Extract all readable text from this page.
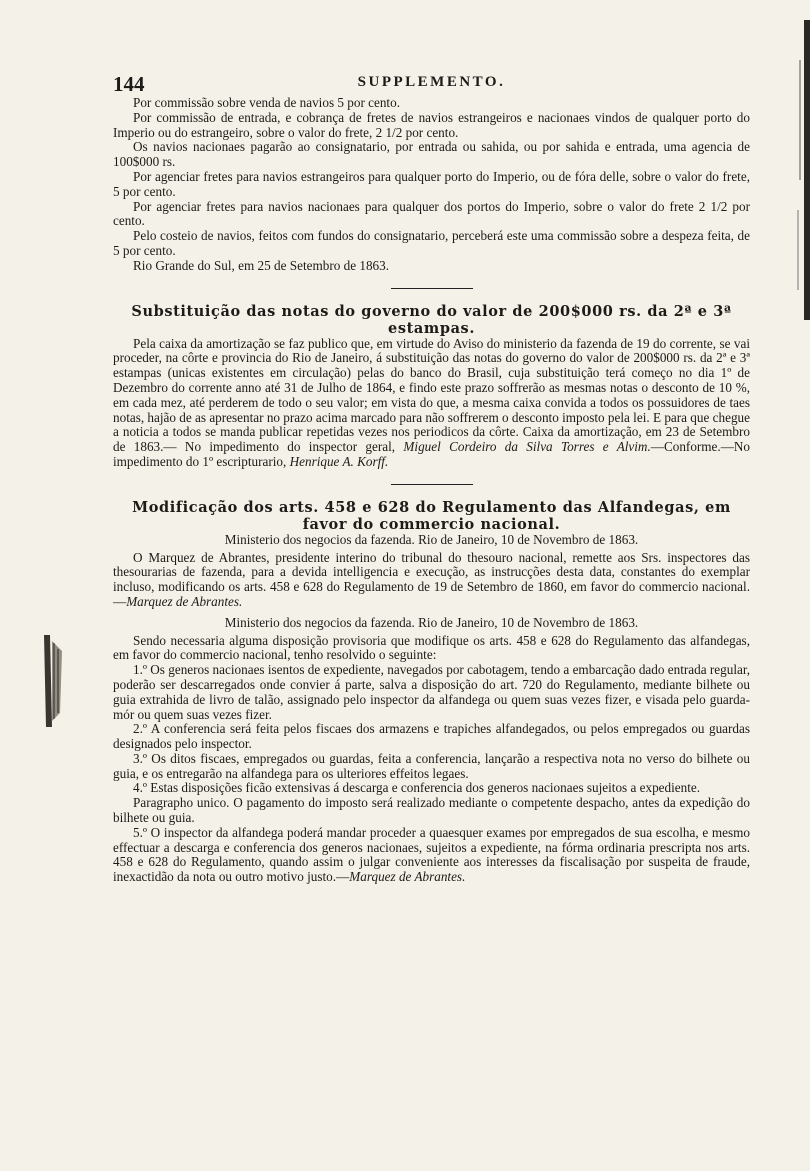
144	SUPPLEMENTO.

Por commissão sobre venda de navios 5 por cento.

Por commissão de entrada, e cobrança de fretes de navios estrangeiros e nacionaes vindos de qualquer porto do Imperio ou do estrangeiro, sobre o valor do frete, 2 1/2 por cento.

Os navios nacionaes pagarão ao consignatario, por entrada ou sahida, ou por sahida e entrada, uma agencia de 100$000 rs.

Por agenciar fretes para navios estrangeiros para qualquer porto do Imperio, ou de fóra delle, sobre o valor do frete, 5 por cento.

Por agenciar fretes para navios nacionaes para qualquer dos portos do Imperio, sobre o valor do frete 2 1/2 por cento.

Pelo costeio de navios, feitos com fundos do consignatario, perceberá este uma commissão sobre a despeza feita, de 5 por cento.

Rio Grande do Sul, em 25 de Setembro de 1863.

Substituição das notas do governo do valor de 200$000 rs. da 2ª e 3ª estampas.

Pela caixa da amortização se faz publico que, em virtude do Aviso do ministerio da fazenda de 19 do corrente, se vai proceder, na côrte e provincia do Rio de Janeiro, á substituição das notas do governo do valor de 200$000 rs. da 2ª e 3ª estampas (unicas existentes em circulação) pelas do banco do Brasil, cuja substituição terá começo no dia 1º de Dezembro do corrente anno até 31 de Julho de 1864, e findo este prazo soffrerão as mesmas notas o desconto de 10 %, em cada mez, até perderem de todo o seu valor; em vista do que, a mesma caixa convida a todos os possuidores de taes notas, hajão de as apresentar no prazo acima marcado para não soffrerem o desconto imposto pela lei. E para que chegue a noticia a todos se manda publicar repetidas vezes nos periodicos da côrte. Caixa da amortização, em 23 de Setembro de 1863.— No impedimento do inspector geral, Miguel Cordeiro da Silva Torres e Alvim.—Conforme.—No impedimento do 1º escripturario, Henrique A. Korff.

Modificação dos arts. 458 e 628 do Regulamento das Alfandegas, em favor do commercio nacional.

Ministerio dos negocios da fazenda. Rio de Janeiro, 10 de Novembro de 1863.

O Marquez de Abrantes, presidente interino do tribunal do thesouro nacional, remette aos Srs. inspectores das thesourarias de fazenda, para a devida intelligencia e execução, as instrucções desta data, constantes do exemplar incluso, modificando os arts. 458 e 628 do Regulamento de 19 de Setembro de 1860, em favor do commercio nacional.—Marquez de Abrantes.

Ministerio dos negocios da fazenda. Rio de Janeiro, 10 de Novembro de 1863.

Sendo necessaria alguma disposição provisoria que modifique os arts. 458 e 628 do Regulamento das alfandegas, em favor do commercio nacional, tenho resolvido o seguinte:

1.º Os generos nacionaes isentos de expediente, navegados por cabotagem, tendo a embarcação dado entrada regular, poderão ser descarregados onde convier á parte, salva a disposição do art. 720 do Regulamento, mediante bilhete ou guia extrahida de livro de talão, assignado pelo inspector da alfandega ou quem suas vezes fizer, e visada pelo guarda-mór ou quem suas vezes fizer.

2.º A conferencia será feita pelos fiscaes dos armazens e trapiches alfandegados, ou pelos empregados ou guardas designados pelo inspector.

3.º Os ditos fiscaes, empregados ou guardas, feita a conferencia, lançarão a respectiva nota no verso do bilhete ou guia, e os entregarão na alfandega para os ulteriores effeitos legaes.

4.º Estas disposições ficão extensivas á descarga e conferencia dos generos nacionaes sujeitos a expediente.

Paragrapho unico. O pagamento do imposto será realizado mediante o competente despacho, antes da expedição do bilhete ou guia.

5.º O inspector da alfandega poderá mandar proceder a quaesquer exames por empregados de sua escolha, e mesmo effectuar a descarga e conferencia dos generos nacionaes, sujeitos a expediente, na fórma ordinaria prescripta nos arts. 458 e 628 do Regulamento, quando assim o julgar conveniente aos interesses da fiscalisação por suspeita de fraude, inexactidão da nota ou outro motivo justo.—Marquez de Abrantes.
